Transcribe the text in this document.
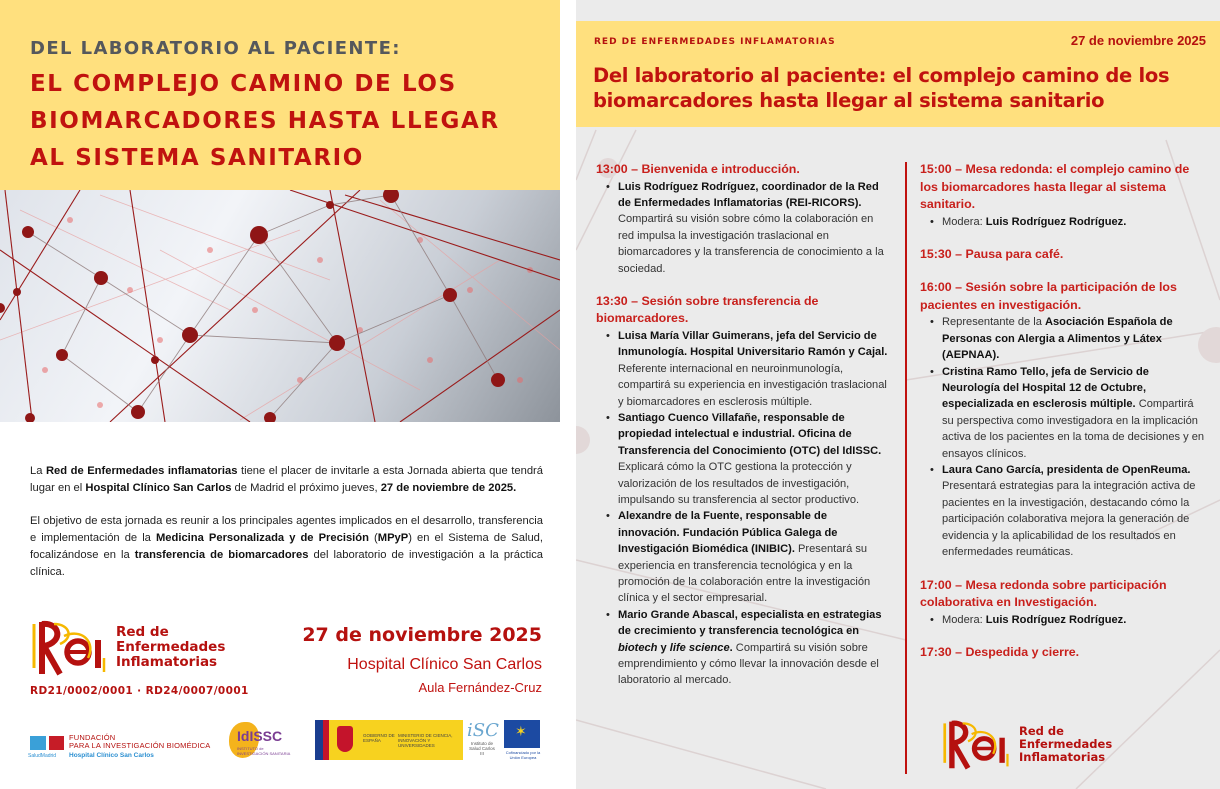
DEL LABORATORIO AL PACIENTE:
EL COMPLEJO CAMINO DE LOS
BIOMARCADORES HASTA LLEGAR
AL SISTEMA SANITARIO

La Red de Enfermedades inflamatorias tiene el placer de invitarle a esta Jornada abierta que tendrá lugar en el Hospital Clínico San Carlos de Madrid el próximo jueves, 27 de noviembre de 2025.

El objetivo de esta jornada es reunir a los principales agentes implicados en el desarrollo, transferencia e implementación de la Medicina Personalizada y de Precisión (MPyP) en el Sistema de Salud, focalizándose en la transferencia de biomarcadores del laboratorio de investigación a la práctica clínica.

Red de
Enfermedades
Inflamatorias
RD21/0002/0001 · RD24/0007/0001
27 de noviembre 2025
Hospital Clínico San Carlos
Aula Fernández-Cruz
FUNDACIÓN
PARA LA INVESTIGACIÓN BIOMÉDICA
Hospital Clínico San Carlos
SaludMadrid
IdISSC
INSTITUTO de INVESTIGACIÓN SANITARIA
GOBIERNO DE ESPAÑA
MINISTERIO DE CIENCIA, INNOVACIÓN Y UNIVERSIDADES
iSC
Instituto de Salud Carlos III
✶	Cofinanciado por la Unión Europea
RED DE ENFERMEDADES INFLAMATORIAS	27 de noviembre 2025
Del laboratorio al paciente: el complejo camino de los biomarcadores hasta llegar al sistema sanitario
13:00 – Bienvenida e introducción.
• Luis Rodríguez Rodríguez, coordinador de la Red de Enfermedades Inflamatorias (REI-RICORS). Compartirá su visión sobre cómo la colaboración en red impulsa la investigación traslacional en biomarcadores y la transferencia de conocimiento a la sociedad.
13:30 – Sesión sobre transferencia de biomarcadores.
• Luisa María Villar Guimerans, jefa del Servicio de Inmunología. Hospital Universitario Ramón y Cajal. Referente internacional en neuroinmunología, compartirá su experiencia en investigación traslacional y biomarcadores en esclerosis múltiple.
• Santiago Cuenco Villafañe, responsable de propiedad intelectual e industrial. Oficina de Transferencia del Conocimiento (OTC) del IdISSC. Explicará cómo la OTC gestiona la protección y valorización de los resultados de investigación, impulsando su transferencia al sector productivo.
• Alexandre de la Fuente, responsable de innovación. Fundación Pública Galega de Investigación Biomédica (INIBIC). Presentará su experiencia en transferencia tecnológica y en la promoción de la colaboración entre la investigación clínica y el sector empresarial.
• Mario Grande Abascal, especialista en estrategias de crecimiento y transferencia tecnológica en biotech y life science. Compartirá su visión sobre emprendimiento y cómo llevar la innovación desde el laboratorio al mercado.
15:00 – Mesa redonda: el complejo camino de los biomarcadores hasta llegar al sistema sanitario.
• Modera: Luis Rodríguez Rodríguez.
15:30 – Pausa para café.
16:00 – Sesión sobre la participación de los pacientes en investigación.
• Representante de la Asociación Española de Personas con Alergia a Alimentos y Látex (AEPNAA).
• Cristina Ramo Tello, jefa de Servicio de Neurología del Hospital 12 de Octubre, especializada en esclerosis múltiple. Compartirá su perspectiva como investigadora en la implicación activa de los pacientes en la toma de decisiones y en ensayos clínicos.
• Laura Cano García, presidenta de OpenReuma. Presentará estrategias para la integración activa de pacientes en la investigación, destacando cómo la participación colaborativa mejora la generación de evidencia y la aplicabilidad de los resultados en enfermedades reumáticas.
17:00 – Mesa redonda sobre participación colaborativa en Investigación.
• Modera: Luis Rodríguez Rodríguez.
17:30 – Despedida y cierre.
Red de
Enfermedades
Inflamatorias
